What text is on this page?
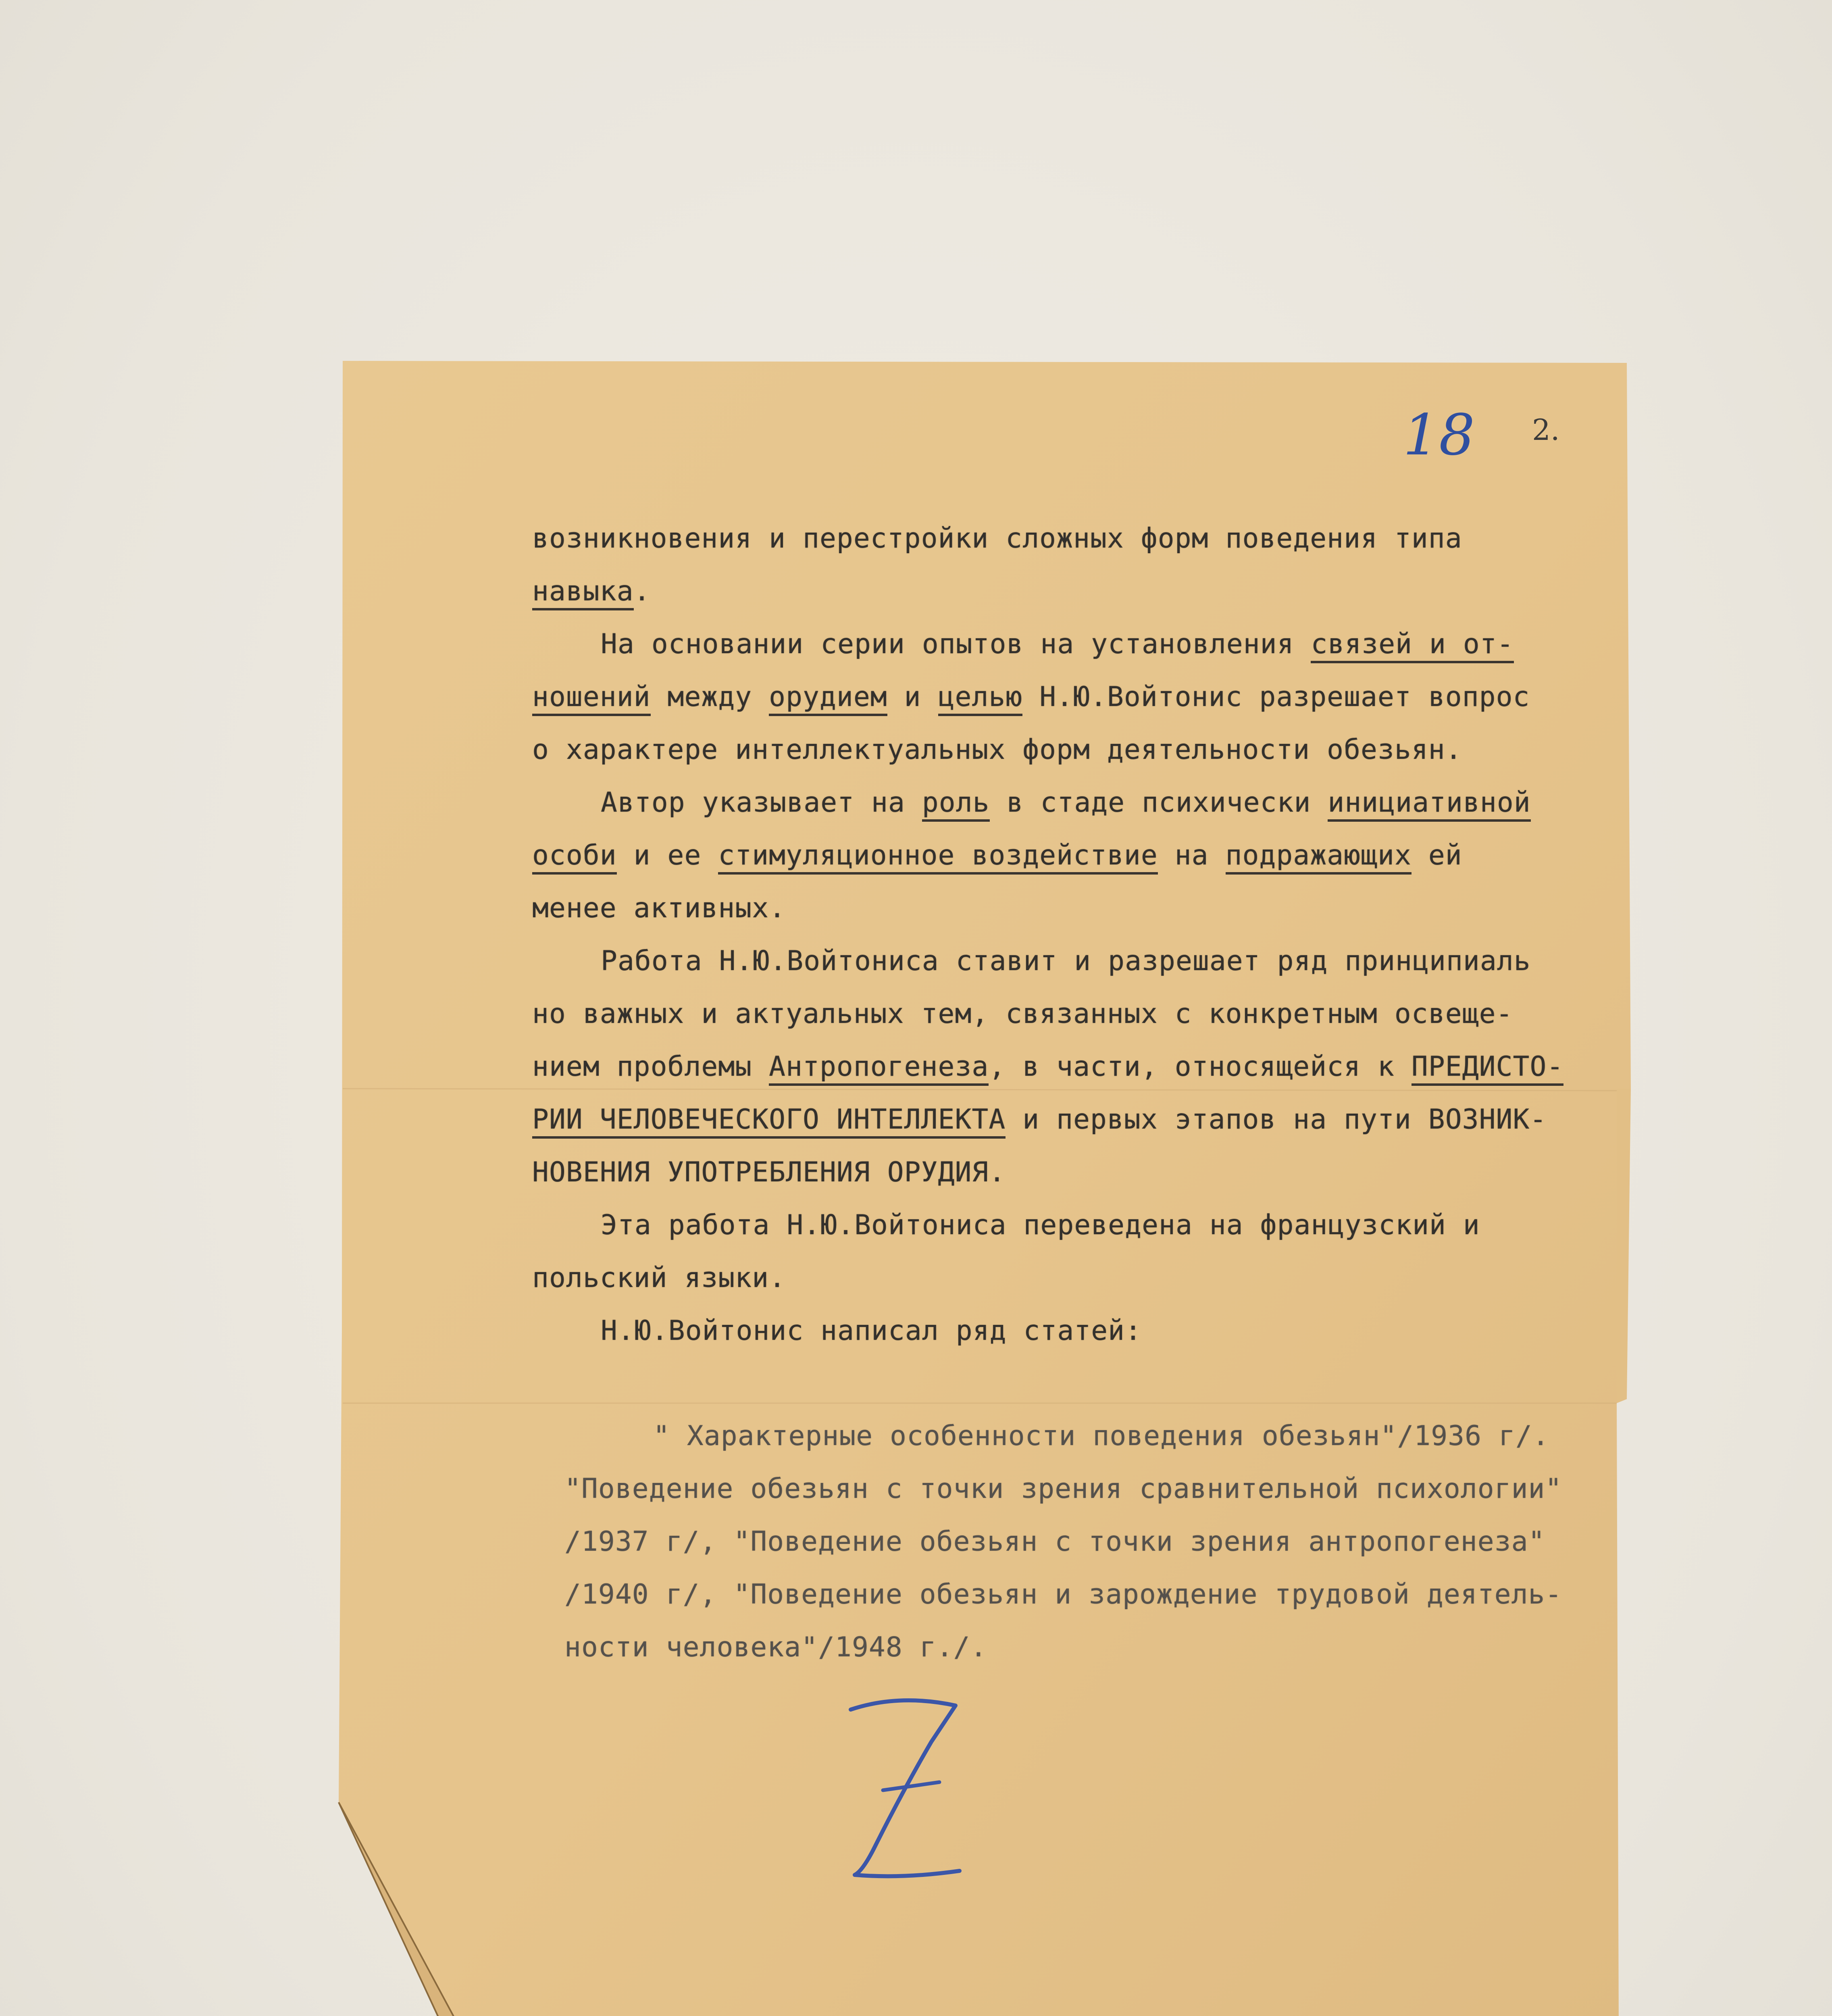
2.
18
возникновения и перестройки сложных форм поведения типа
навыка.
На основании серии опытов на установления связей и от-
ношений между орудием и целью Н.Ю.Войтонис разрешает вопрос
о характере интеллектуальных форм деятельности обезьян.
Автор указывает на роль в стаде психически инициативной
особи и ее стимуляционное воздействие на подражающих ей
менее активных.
Работа Н.Ю.Войтониса ставит и разрешает ряд принципиаль
но важных и актуальных тем, связанных с конкретным освеще-
нием проблемы Антропогенеза, в части, относящейся к ПРЕДИСТО-
РИИ ЧЕЛОВЕЧЕСКОГО ИНТЕЛЛЕКТА и первых этапов на пути ВОЗНИК-
НОВЕНИЯ УПОТРЕБЛЕНИЯ ОРУДИЯ.
Эта работа Н.Ю.Войтониса переведена на французский и
польский языки.
Н.Ю.Войтонис написал ряд статей:
" Характерные особенности поведения обезьян"/1936 г/.
"Поведение обезьян с точки зрения сравнительной психологии"
/1937 г/, "Поведение обезьян с точки зрения антропогенеза"
/1940 г/, "Поведение обезьян и зарождение трудовой деятель-
ности человека"/1948 г./.
